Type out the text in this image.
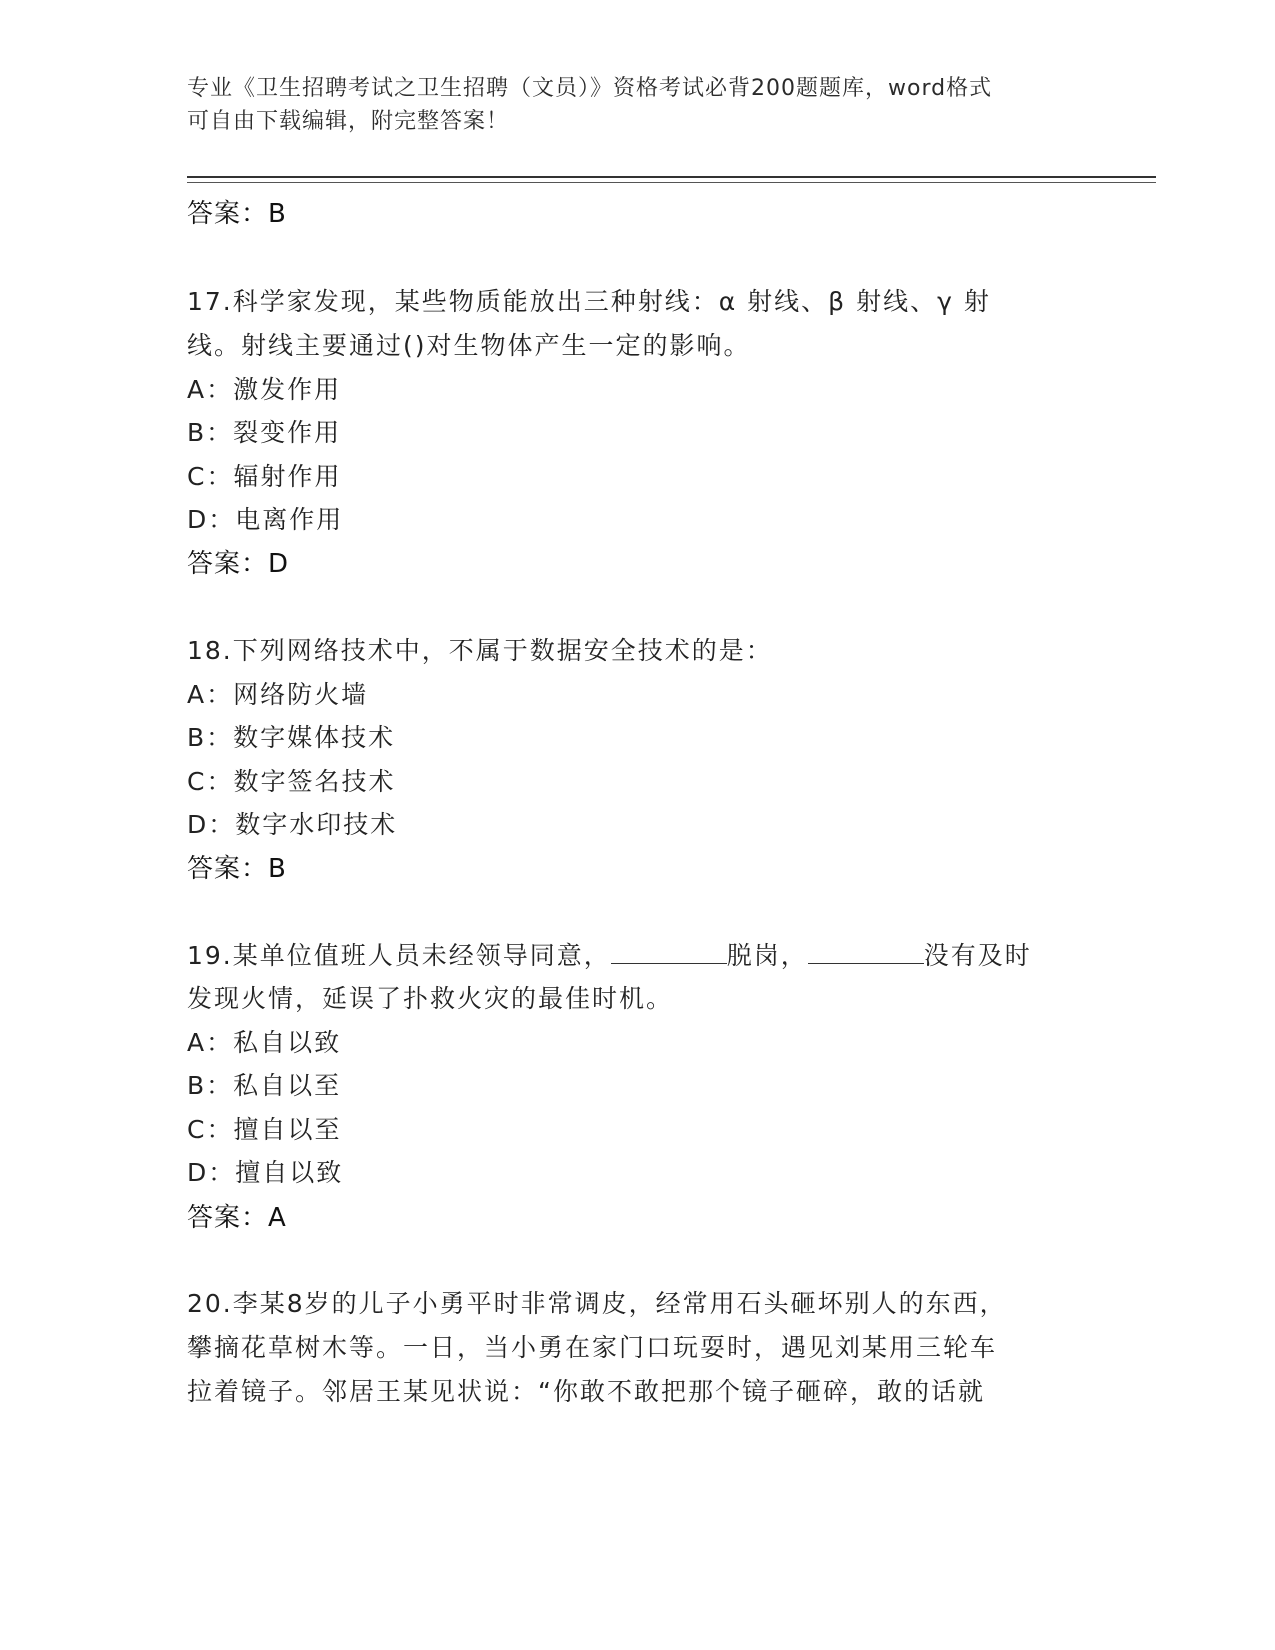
专业《卫生招聘考试之卫生招聘（文员）》资格考试必背200题题库，word格式
可自由下载编辑，附完整答案！
答案：B
17.科学家发现，某些物质能放出三种射线：α 射线、β 射线、γ 射
线。射线主要通过()对生物体产生一定的影响。
A：激发作用
B：裂变作用
C：辐射作用
D：电离作用
答案：D
18.下列网络技术中，不属于数据安全技术的是：
A：网络防火墙
B：数字媒体技术
C：数字签名技术
D：数字水印技术
答案：B
19.某单位值班人员未经领导同意，	脱岗，	没有及时
发现火情，延误了扑救火灾的最佳时机。
A：私自以致
B：私自以至
C：擅自以至
D：擅自以致
答案：A
20.李某8岁的儿子小勇平时非常调皮，经常用石头砸坏别人的东西，
攀摘花草树木等。一日，当小勇在家门口玩耍时，遇见刘某用三轮车
拉着镜子。邻居王某见状说：“你敢不敢把那个镜子砸碎，敢的话就
